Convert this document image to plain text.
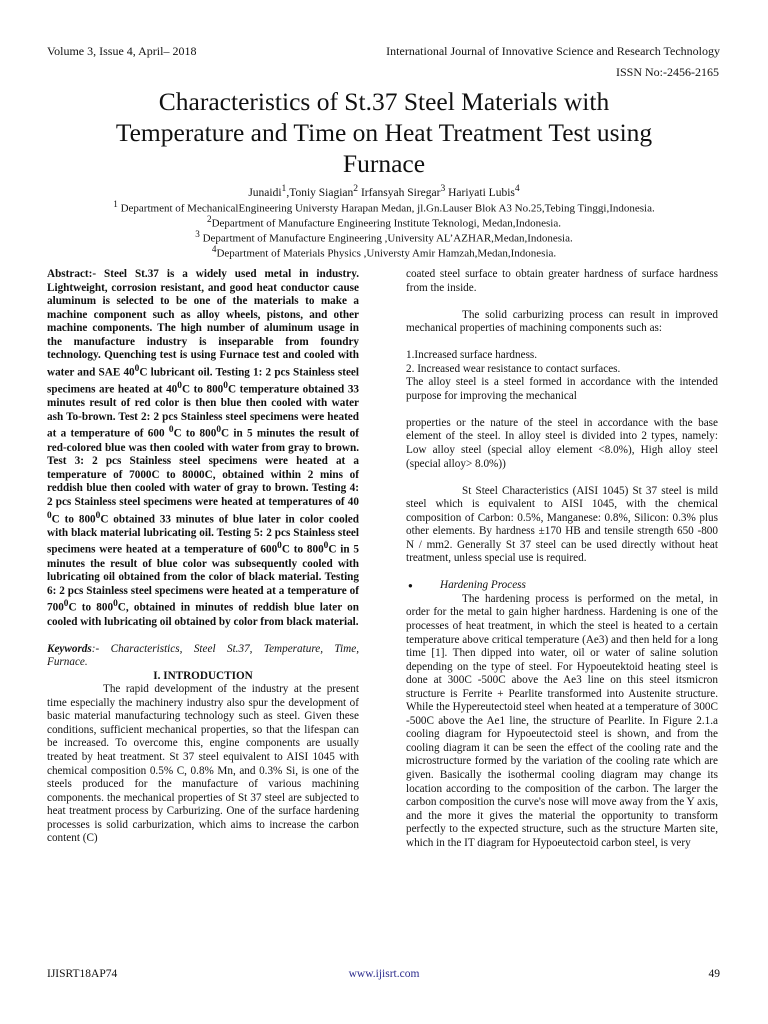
Volume 3, Issue 4, April– 2018	International Journal of Innovative Science and Research Technology
ISSN No:-2456-2165
Characteristics of St.37 Steel Materials with
Temperature and Time on Heat Treatment Test using
Furnace
Junaidi$^1$,Toniy Siagian$^2$ Irfansyah Siregar$^3$ Hariyati Lubis$^4$
$^1$ Department of MechanicalEngineering Universty Harapan Medan, jl.Gn.Lauser Blok A3 No.25,Tebing Tinggi,Indonesia.
$^2$Department of Manufacture Engineering Institute Teknologi, Medan,Indonesia.
$^3$ Department of Manufacture Engineering ,University AL’AZHAR,Medan,Indonesia.
$^4$Department of Materials Physics ,Universty Amir Hamzah,Medan,Indonesia.

Abstract:- Steel St.37 is a widely used metal in industry. Lightweight, corrosion resistant, and good heat conductor cause aluminum is selected to be one of the materials to make a machine component such as alloy wheels, pistons, and other machine components. The high number of aluminum usage in the manufacture industry is inseparable from foundry technology. Quenching test is using Furnace test and cooled with water and SAE $40^0C$ lubricant oil. Testing 1: 2 pcs Stainless steel specimens are heated at $40^0C$ to $800^0C$ temperature obtained 33 minutes result of red color is then blue then cooled with water ash To-brown. Test 2: 2 pcs Stainless steel specimens were heated at a temperature of 600 $^0$C to $800^0C$ in 5 minutes the result of red-colored blue was then cooled with water from gray to brown. Test 3: 2 pcs Stainless steel specimens were heated at a temperature of 7000C to 8000C, obtained within 2 mins of reddish blue then cooled with water of gray to brown. Testing 4: 2 pcs Stainless steel specimens were heated at temperatures of 40 $^0$C to $800^0C$ obtained 33 minutes of blue later in color cooled with black material lubricating oil. Testing 5: 2 pcs Stainless steel specimens were heated at a temperature of $600^0C$ to $800^0C$ in 5 minutes the result of blue color was subsequently cooled with lubricating oil obtained from the color of black material. Testing 6: 2 pcs Stainless steel specimens were heated at a temperature of $700^0C$ to $800^0C$, obtained in minutes of reddish blue later on cooled with lubricating oil obtained by color from black material.

Keywords:- Characteristics, Steel St.37, Temperature, Time, Furnace.

I. INTRODUCTION

The rapid development of the industry at the present time especially the machinery industry also spur the development of basic material manufacturing technology such as steel. Given these conditions, sufficient mechanical properties, so that the lifespan can be increased. To overcome this, engine components are usually treated by heat treatment. St 37 steel equivalent to AISI 1045 with chemical composition 0.5% C, 0.8% Mn, and 0.3% Si, is one of the steels produced for the manufacture of various machining components. the mechanical properties of St 37 steel are subjected to heat treatment process by Carburizing. One of the surface hardening processes is solid carburization, which aims to increase the carbon content (C)

coated steel surface to obtain greater hardness of surface hardness from the inside.

The solid carburizing process can result in improved mechanical properties of machining components such as:

1.Increased surface hardness.

2. Increased wear resistance to contact surfaces.

The alloy steel is a steel formed in accordance with the intended purpose for improving the mechanical

properties or the nature of the steel in accordance with the base element of the steel. In alloy steel is divided into 2 types, namely: Low alloy steel (special alloy element <8.0%), High alloy steel (special alloy> 8.0%))

St Steel Characteristics (AISI 1045) St 37 steel is mild steel which is equivalent to AISI 1045, with the chemical composition of Carbon: 0.5%, Manganese: 0.8%, Silicon: 0.3% plus other elements. By hardness ±170 HB and tensile strength 650 -800 N / mm2. Generally St 37 steel can be used directly without heat treatment, unless special use is required.

●	Hardening Process

The hardening process is performed on the metal, in order for the metal to gain higher hardness. Hardening is one of the processes of heat treatment, in which the steel is heated to a certain temperature above critical temperature (Ae3) and then held for a long time [1]. Then dipped into water, oil or water of saline solution depending on the type of steel. For Hypoeutektoid heating steel is done at 300C -500C above the Ae3 line on this steel itsmicron structure is Ferrite + Pearlite transformed into Austenite structure. While the Hypereutectoid steel when heated at a temperature of 300C -500C above the Ae1 line, the structure of Pearlite. In Figure 2.1.a cooling diagram for Hypoeutectoid steel is shown, and from the cooling diagram it can be seen the effect of the cooling rate and the microstructure formed by the variation of the cooling rate which are given. Basically the isothermal cooling diagram may change its location according to the composition of the carbon. The larger the carbon composition the curve's nose will move away from the Y axis, and the more it gives the material the opportunity to transform perfectly to the expected structure, such as the structure Marten site, which in the IT diagram for Hypoeutectoid carbon steel, is very

IJISRT18AP74	www.ijisrt.com	49
